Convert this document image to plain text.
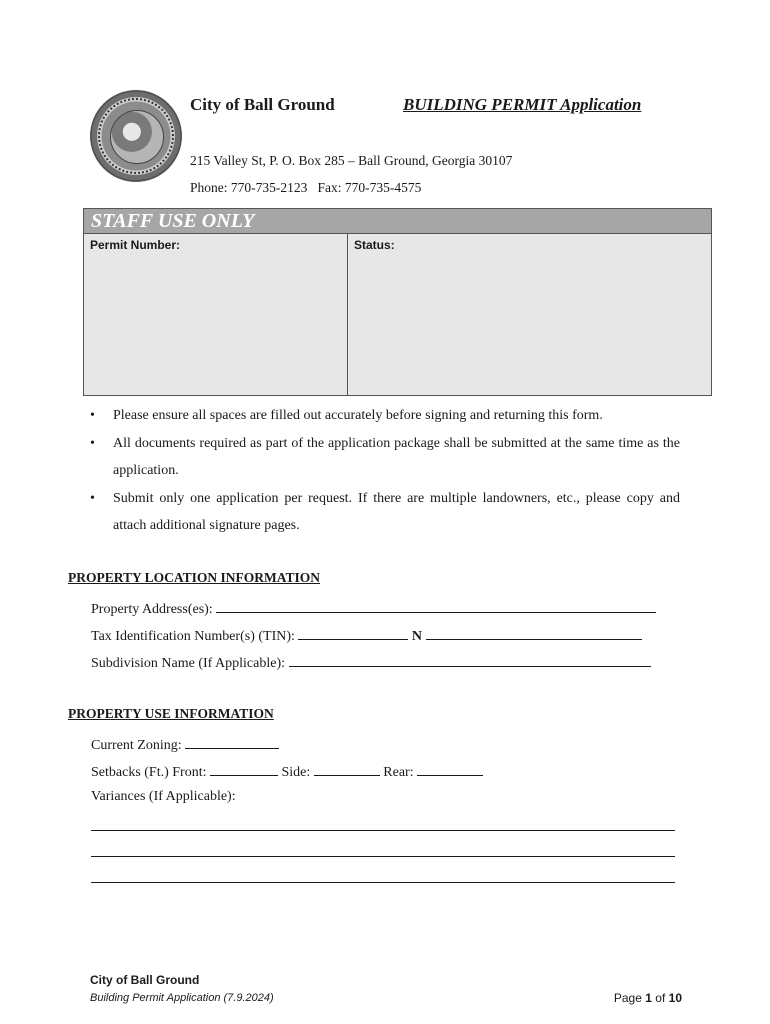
City of Ball Ground	BUILDING PERMIT Application
215 Valley St, P. O. Box 285 – Ball Ground, Georgia 30107
Phone: 770-735-2123   Fax: 770-735-4575
STAFF USE ONLY
Permit Number:	Status:
• Please ensure all spaces are filled out accurately before signing and returning this form.
• All documents required as part of the application package shall be submitted at the same time as the application.
• Submit only one application per request. If there are multiple landowners, etc., please copy and attach additional signature pages.
PROPERTY LOCATION INFORMATION
Property Address(es):
Tax Identification Number(s) (TIN):	N
Subdivision Name (If Applicable):
PROPERTY USE INFORMATION
Current Zoning:
Setbacks (Ft.) Front:	Side:	Rear:
Variances (If Applicable):
City of Ball Ground
Building Permit Application (7.9.2024)	Page 1 of 10
